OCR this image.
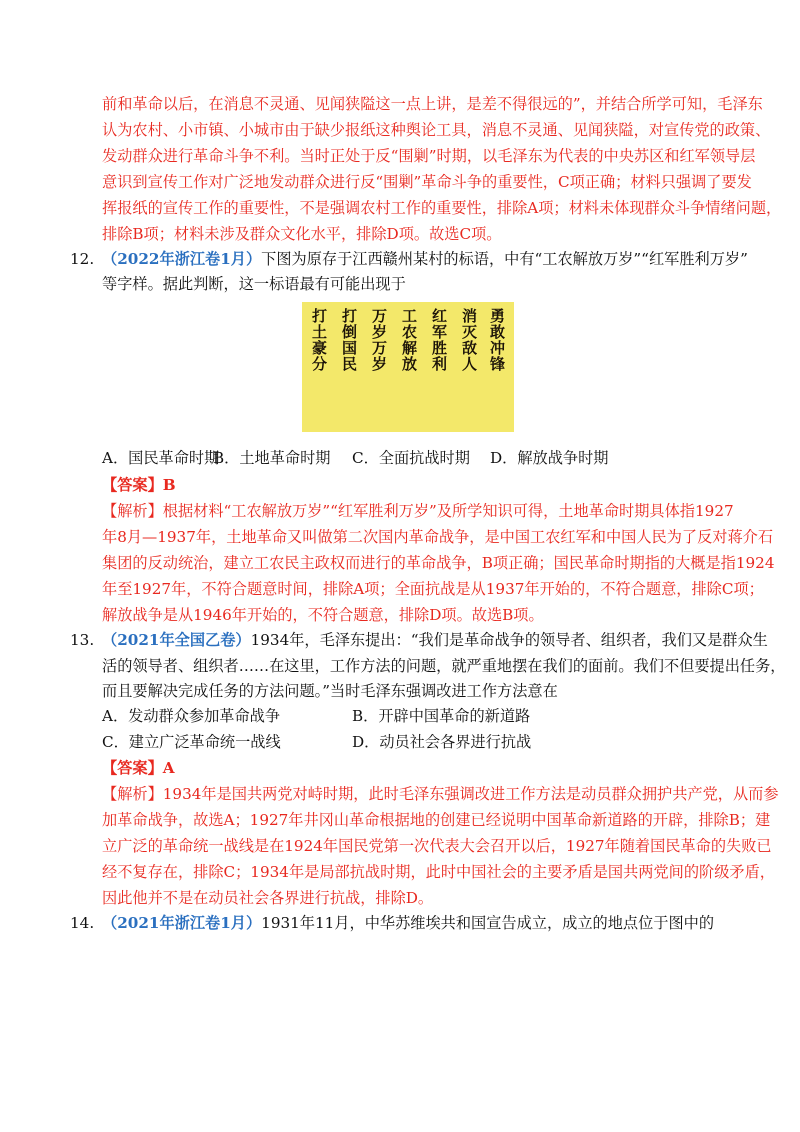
前和革命以后，在消息不灵通、见闻狭隘这一点上讲，是差不得很远的”，并结合所学可知，毛泽东
认为农村、小市镇、小城市由于缺少报纸这种舆论工具，消息不灵通、见闻狭隘，对宣传党的政策、
发动群众进行革命斗争不利。当时正处于反“围剿”时期，以毛泽东为代表的中央苏区和红军领导层
意识到宣传工作对广泛地发动群众进行反“围剿”革命斗争的重要性，C项正确；材料只强调了要发
挥报纸的宣传工作的重要性，不是强调农村工作的重要性，排除A项；材料未体现群众斗争情绪问题，
排除B项；材料未涉及群众文化水平，排除D项。故选C项。
12. （2022年浙江卷1月）下图为原存于江西赣州某村的标语，中有“工农解放万岁”“红军胜利万岁”
等字样。据此判断，这一标语最有可能出现于
勇敢冲锋
消灭敌人
红军胜利
工农解放
万岁万岁
打倒国民
打土豪分
A．国民革命时期
B．土地革命时期 C．全面抗战时期 D．解放战争时期
【答案】B
【解析】根据材料“工农解放万岁”“红军胜利万岁”及所学知识可得，土地革命时期具体指1927
年8月—1937年，土地革命又叫做第二次国内革命战争，是中国工农红军和中国人民为了反对蒋介石
集团的反动统治，建立工农民主政权而进行的革命战争，B项正确；国民革命时期指的大概是指1924
年至1927年，不符合题意时间，排除A项；全面抗战是从1937年开始的，不符合题意，排除C项；
解放战争是从1946年开始的，不符合题意，排除D项。故选B项。
13. （2021年全国乙卷）1934年，毛泽东提出：“我们是革命战争的领导者、组织者，我们又是群众生
活的领导者、组织者……在这里，工作方法的问题，就严重地摆在我们的面前。我们不但要提出任务，
而且要解决完成任务的方法问题。”当时毛泽东强调改进工作方法意在
A．发动群众参加革命战争	B．开辟中国革命的新道路
C．建立广泛革命统一战线	D．动员社会各界进行抗战
【答案】A
【解析】1934年是国共两党对峙时期，此时毛泽东强调改进工作方法是动员群众拥护共产党，从而参
加革命战争，故选A；1927年井冈山革命根据地的创建已经说明中国革命新道路的开辟，排除B；建
立广泛的革命统一战线是在1924年国民党第一次代表大会召开以后，1927年随着国民革命的失败已
经不复存在，排除C；1934年是局部抗战时期，此时中国社会的主要矛盾是国共两党间的阶级矛盾，
因此他并不是在动员社会各界进行抗战，排除D。
14. （2021年浙江卷1月）1931年11月，中华苏维埃共和国宣告成立，成立的地点位于图中的
